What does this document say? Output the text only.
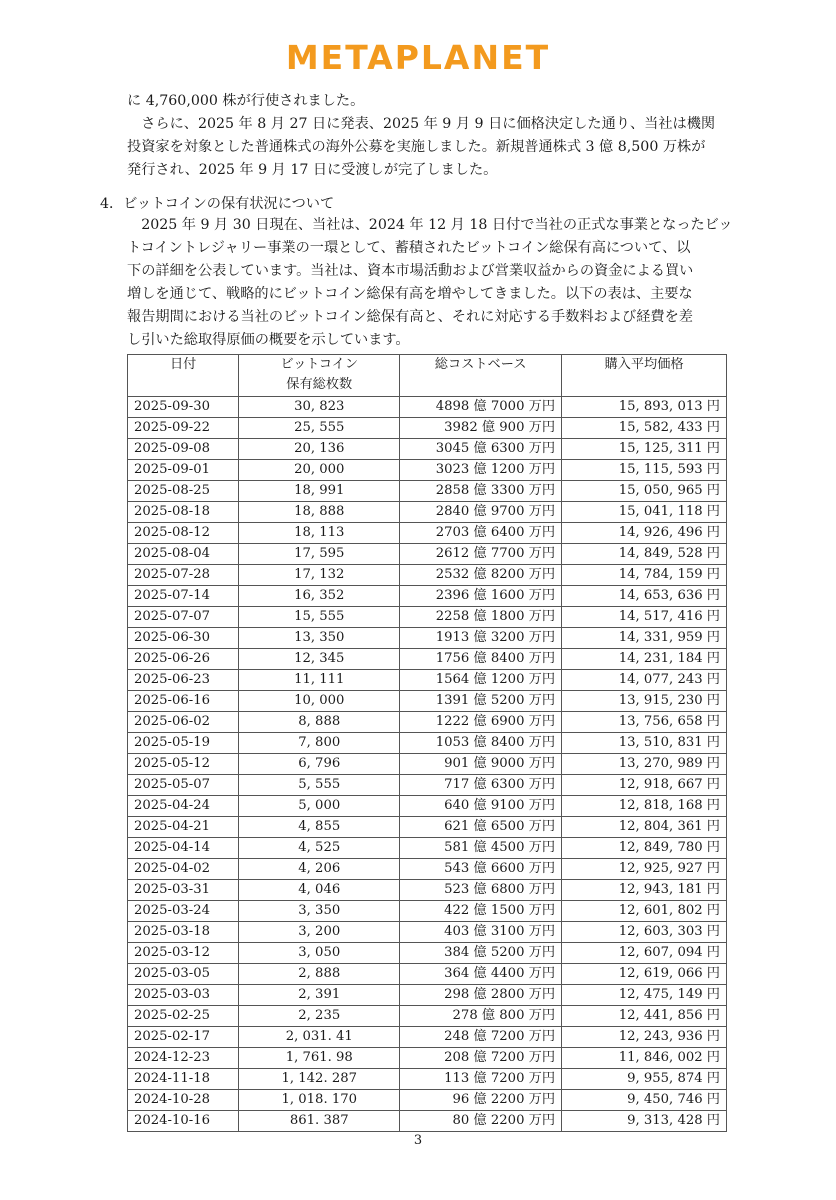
METAPLANET
に 4,760,000 株が行使されました。
　さらに、2025 年 8 月 27 日に発表、2025 年 9 月 9 日に価格決定した通り、当社は機関
投資家を対象とした普通株式の海外公募を実施しました。新規普通株式 3 億 8,500 万株が
発行され、2025 年 9 月 17 日に受渡しが完了しました。
4．ビットコインの保有状況について
　2025 年 9 月 30 日現在、当社は、2024 年 12 月 18 日付で当社の正式な事業となったビッ
トコイントレジャリー事業の一環として、蓄積されたビットコイン総保有高について、以
下の詳細を公表しています。当社は、資本市場活動および営業収益からの資金による買い
増しを通じて、戦略的にビットコイン総保有高を増やしてきました。以下の表は、主要な
報告期間における当社のビットコイン総保有高と、それに対応する手数料および経費を差
し引いた総取得原価の概要を示しています。
日付	ビットコイン
保有総枚数	総コストベース	購入平均価格
2025-09-30	30, 823	4898 億 7000 万円	15, 893, 013 円
2025-09-22	25, 555	3982 億 900 万円	15, 582, 433 円
2025-09-08	20, 136	3045 億 6300 万円	15, 125, 311 円
2025-09-01	20, 000	3023 億 1200 万円	15, 115, 593 円
2025-08-25	18, 991	2858 億 3300 万円	15, 050, 965 円
2025-08-18	18, 888	2840 億 9700 万円	15, 041, 118 円
2025-08-12	18, 113	2703 億 6400 万円	14, 926, 496 円
2025-08-04	17, 595	2612 億 7700 万円	14, 849, 528 円
2025-07-28	17, 132	2532 億 8200 万円	14, 784, 159 円
2025-07-14	16, 352	2396 億 1600 万円	14, 653, 636 円
2025-07-07	15, 555	2258 億 1800 万円	14, 517, 416 円
2025-06-30	13, 350	1913 億 3200 万円	14, 331, 959 円
2025-06-26	12, 345	1756 億 8400 万円	14, 231, 184 円
2025-06-23	11, 111	1564 億 1200 万円	14, 077, 243 円
2025-06-16	10, 000	1391 億 5200 万円	13, 915, 230 円
2025-06-02	8, 888	1222 億 6900 万円	13, 756, 658 円
2025-05-19	7, 800	1053 億 8400 万円	13, 510, 831 円
2025-05-12	6, 796	901 億 9000 万円	13, 270, 989 円
2025-05-07	5, 555	717 億 6300 万円	12, 918, 667 円
2025-04-24	5, 000	640 億 9100 万円	12, 818, 168 円
2025-04-21	4, 855	621 億 6500 万円	12, 804, 361 円
2025-04-14	4, 525	581 億 4500 万円	12, 849, 780 円
2025-04-02	4, 206	543 億 6600 万円	12, 925, 927 円
2025-03-31	4, 046	523 億 6800 万円	12, 943, 181 円
2025-03-24	3, 350	422 億 1500 万円	12, 601, 802 円
2025-03-18	3, 200	403 億 3100 万円	12, 603, 303 円
2025-03-12	3, 050	384 億 5200 万円	12, 607, 094 円
2025-03-05	2, 888	364 億 4400 万円	12, 619, 066 円
2025-03-03	2, 391	298 億 2800 万円	12, 475, 149 円
2025-02-25	2, 235	278 億 800 万円	12, 441, 856 円
2025-02-17	2, 031. 41	248 億 7200 万円	12, 243, 936 円
2024-12-23	1, 761. 98	208 億 7200 万円	11, 846, 002 円
2024-11-18	1, 142. 287	113 億 7200 万円	9, 955, 874 円
2024-10-28	1, 018. 170	96 億 2200 万円	9, 450, 746 円
2024-10-16	861. 387	80 億 2200 万円	9, 313, 428 円
3
